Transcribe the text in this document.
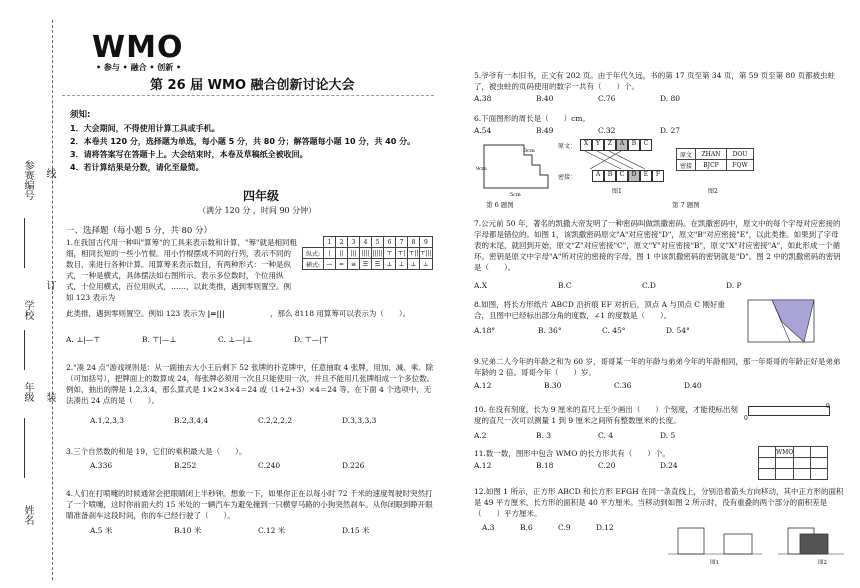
参赛编号 线
学校
订
年级 装
姓名
WMO
• 参与 • 融合 • 创新 •
第 26 届 WMO 融合创新讨论大会
须知:
1．大会期间，不得使用计算工具或手机。
2．本卷共 120 分，选择题为单选，每小题 5 分，共 80 分；解答题每小题 10 分，共 40 分。
3．请将答案写在答题卡上。大会结束时，本卷及草稿纸全被收回。
4．若计算结果是分数，请化至最简。
四年级
（满分 120 分 ，时间 90 分钟）
一、选择题（每小题 5 分，共 80 分）
1.在我国古代用一种叫"算筹"的工具来表示数和计算，"筹"就是相同粗细，相同长短的一些小竹棍。用小竹棍摆成不同的行列，表示不同的数目，来进行各种计算。用算筹来表示数目，有两种形式：一种是纵式，一种是横式，具体摆法如右图所示。表示多位数时，个位用纵式，十位用横式，百位用纵式，……，以此类推，遇到零则置空。例如 123 表示为
	1	2	3	4	5	6	7	8	9
纵式:	|	||	|||	||||	|||||	⊤	⊤|	⊤||	⊤|||
横式:	—	=	≡	☰	☰	⊥	⊥	⊥	⊥
此类推，遇到零则置空。例如 123 表示为 |=|||	，那么 8118 用算筹可以表示为（　　）。
A. ⊥|—⊤	B. ⊤|—⊥	C. ⊥—|⊥	D. ⊤—|⊤
2."凑 24 点"游戏规则是：从一副抽去大小王后剩下 52 张牌的扑克牌中，任意抽取 4 张牌，用加、减、乘、除（可加括号），把牌面上的数算成 24，每张牌必须用一次且只能使用一次，并且不能用几张牌组成一个多位数。例如，抽出的牌是 1,2,3,4，那么算式是 1×2×3×4＝24 或（1+2+3）×4＝24 等。在下面 4 个选项中，无法凑出 24 点的是（　　）。
A.1,2,3,3	B.2,3,4,4	C.2,2,2,2	D.3,3,3,3
3.三个自然数的和是 19，它们的乘积最大是（　　）。
A.336	B.252	C.240	D.226
4.人们在打喷嚏的时候通常会把眼睛闭上半秒钟。想象一下，如果你正在以每小时 72 千米的速度驾驶时突然打了一个喷嚏，这时你前面大约 15 米处的一辆汽车为避免撞到一只横穿马路的小狗突然刹车。从你闭眼到睁开眼睛准备刹车这段时间，你的车已经行驶了（　　）。
A.5 米	B.10 米	C.12 米	D.15 米
5.爷爷有一本旧书，正文有 202 页。由于年代久远，书的第 17 页至第 34 页，第 59 页至第 80 页都被虫蛀了，被虫蛀的页码使用的数字一共有（　　）个。
A.38	B.40	C.76	D. 80
6.下面图形的周长是（　　）cm。
A.54	B.49	C.32	D. 27
9cm
3cm
5cm
第 6 题图
原文：
密接：
X	Y	Z	A	B	C
A	B	C	D	E	F
图1
原文	ZHAN	DOU
密接	BJCP	FQW
图2
第 7 题图
7.公元前 50 年，著名的凯撒大帝发明了一种密码叫做凯撒密码。在凯撒密码中，原文中的每个字母对应密接的字母都是错位的。如图 1，该凯撒密码原文"A"对应密接"D"，原文"B"对应密接"E"，以此类推。如果到了字母表的末尾，就回到开始，原文"Z"对应密接"C"，原文"Y"对应密接"B"，原文"X"对应密接"A"，如此形成一个循环。密钥是原文中字母"A"所对应的密接的字母，图 1 中该凯撒密码的密钥就是"D"。图 2 中的凯撒密码的密钥是（　　）。
A.X	B.C	C.D	D. P
8.如图，将长方形纸片 ABCD 沿折痕 EF 对折后，顶点 A 与顶点 C 刚好重合，且图中已经标出部分角的度数，∠1 的度数是（　　）。
A.18°	B. 36°	C. 45°	D. 54°
9.兄弟二人今年的年龄之和为 60 岁，哥哥某一年的年龄与弟弟今年的年龄相同，那一年哥哥的年龄正好是弟弟年龄的 2 倍。哥哥今年（　　）岁。
A.12	B.30	C.36	D.40
10. 在没有刻度，长为 9 厘米的直尺上至少画出（　　）个刻度，才能使标出刻度的直尺一次可以测量 1 到 9 厘米之间所有整数厘米的长度。
A.2	B. 3	C. 4	D. 5
0
9
11.数一数，图形中包含 WMO 的长方形共有（　　）个。
A.12	B.18	C.20	D.24
	WMO		

12.如图 1 所示，正方形 ABCD 和长方形 EFGH 在同一条直线上，分别沿着箭头方向移动，其中正方形的面积是 49 平方厘米，长方形的面积是 40 平方厘米。当移动到如图 2 所示时，没有重叠的两个部分的面积差是（　　）平方厘米。
A.3	B.6	C.9	D.12
图1	图2
